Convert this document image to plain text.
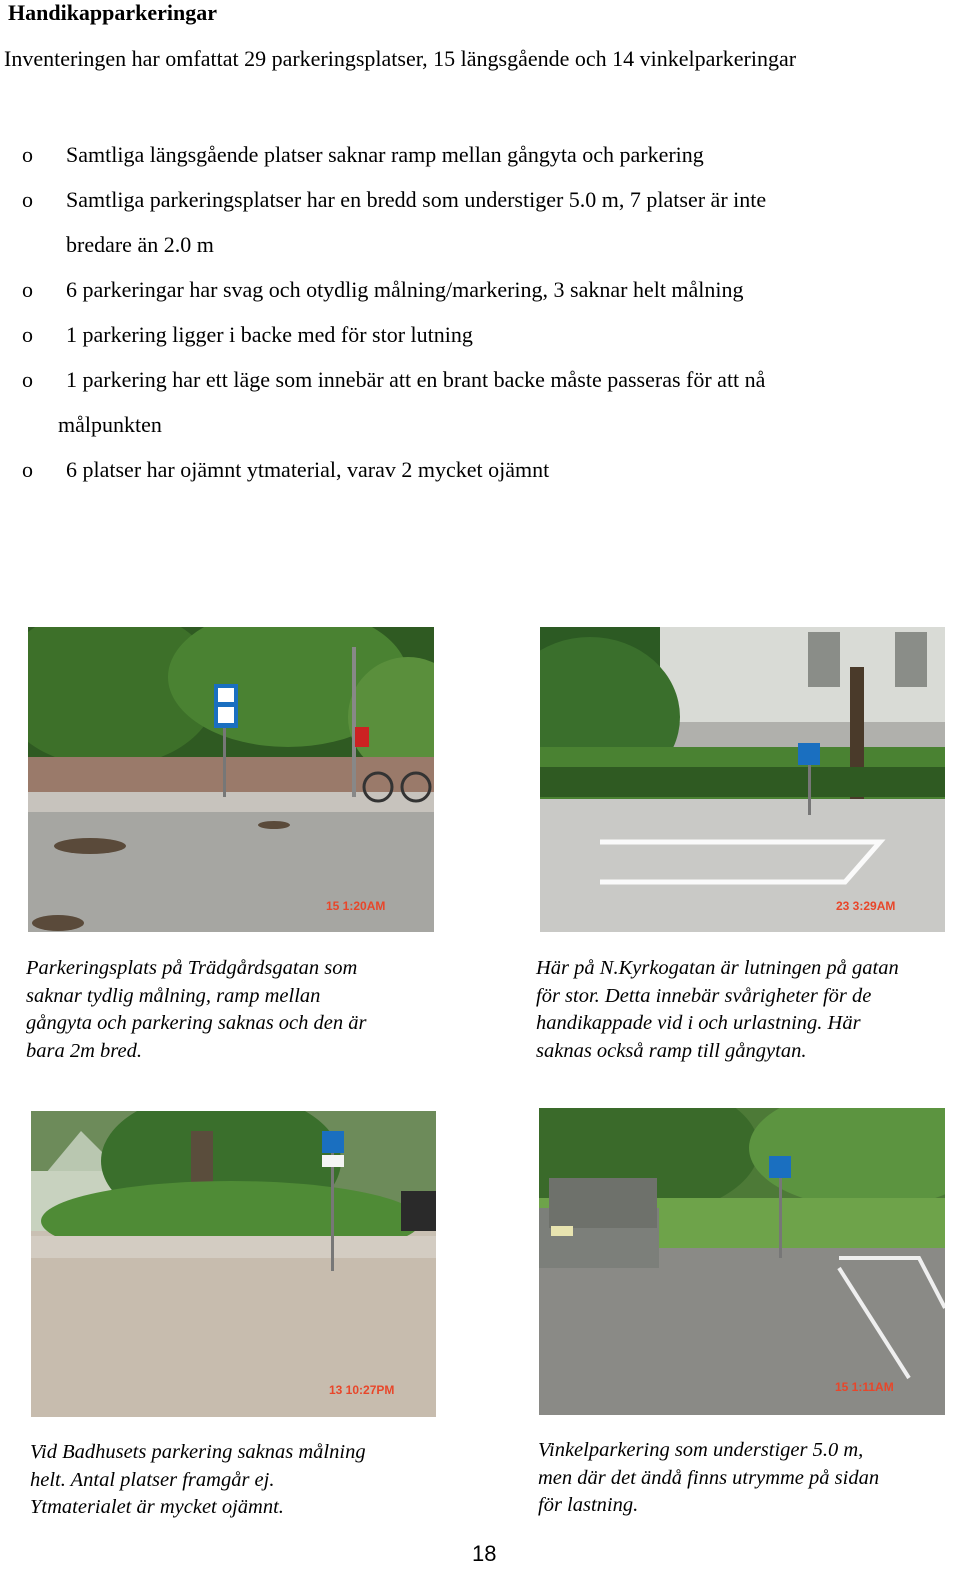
Handikapparkeringar
Inventeringen har omfattat 29 parkeringsplatser, 15 längsgående och 14 vinkelparkeringar
o Samtliga längsgående platser saknar ramp mellan gångyta och parkering
o Samtliga parkeringsplatser har en bredd som understiger 5.0 m, 7 platser är inte
bredare än 2.0 m
o 6 parkeringar har svag och otydlig målning/markering, 3 saknar helt målning
o 1 parkering ligger i backe med för stor lutning
o 1 parkering har ett läge som innebär att en brant backe måste passeras för att nå
målpunkten
o 6 platser har ojämnt ytmaterial, varav 2 mycket ojämnt
15 1:20AM	23 3:29AM
Parkeringsplats på Trädgårdsgatan som
saknar tydlig målning, ramp mellan
gångyta och parkering saknas och den är
bara 2m bred.
Här på N.Kyrkogatan är lutningen på gatan
för stor. Detta innebär svårigheter för de
handikappade vid i och urlastning. Här
saknas också ramp till gångytan.
13 10:27PM	15 1:11AM
Vid Badhusets parkering saknas målning
helt. Antal platser framgår ej.
Ytmaterialet är mycket ojämnt.
Vinkelparkering som understiger 5.0 m,
men där det ändå finns utrymme på sidan
för lastning.
18
